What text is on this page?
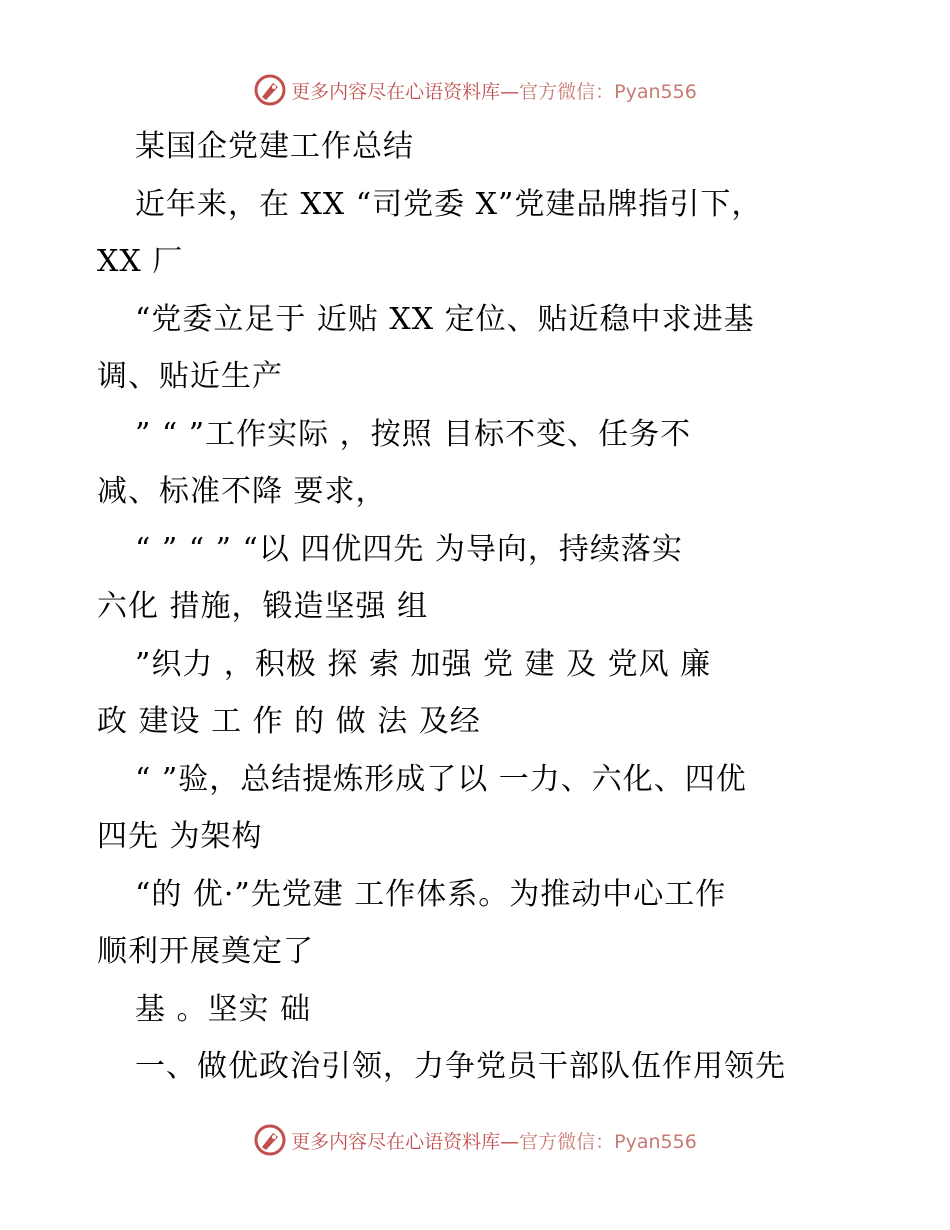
更多内容尽在心语资料库—官方微信：Pyan556
某国企党建工作总结
近年来，在 XX “司党委 X”党建品牌指引下，
XX 厂
“党委立足于 近贴 XX 定位、贴近稳中求进基
调、贴近生产
” “ ”工作实际 ，按照 目标不变、任务不
减、标准不降 要求，
“ ” “ ” “以 四优四先 为导向，持续落实
六化 措施，锻造坚强 组
”织力 ，积极 探 索 加强 党 建 及 党风 廉
政 建设 工 作 的 做 法 及经
“ ”验，总结提炼形成了以 一力、六化、四优
四先 为架构
“的 优·”先党建 工作体系。为推动中心工作
顺利开展奠定了
基 。坚实 础
一、做优政治引领，力争党员干部队伍作用领先
更多内容尽在心语资料库—官方微信：Pyan556
